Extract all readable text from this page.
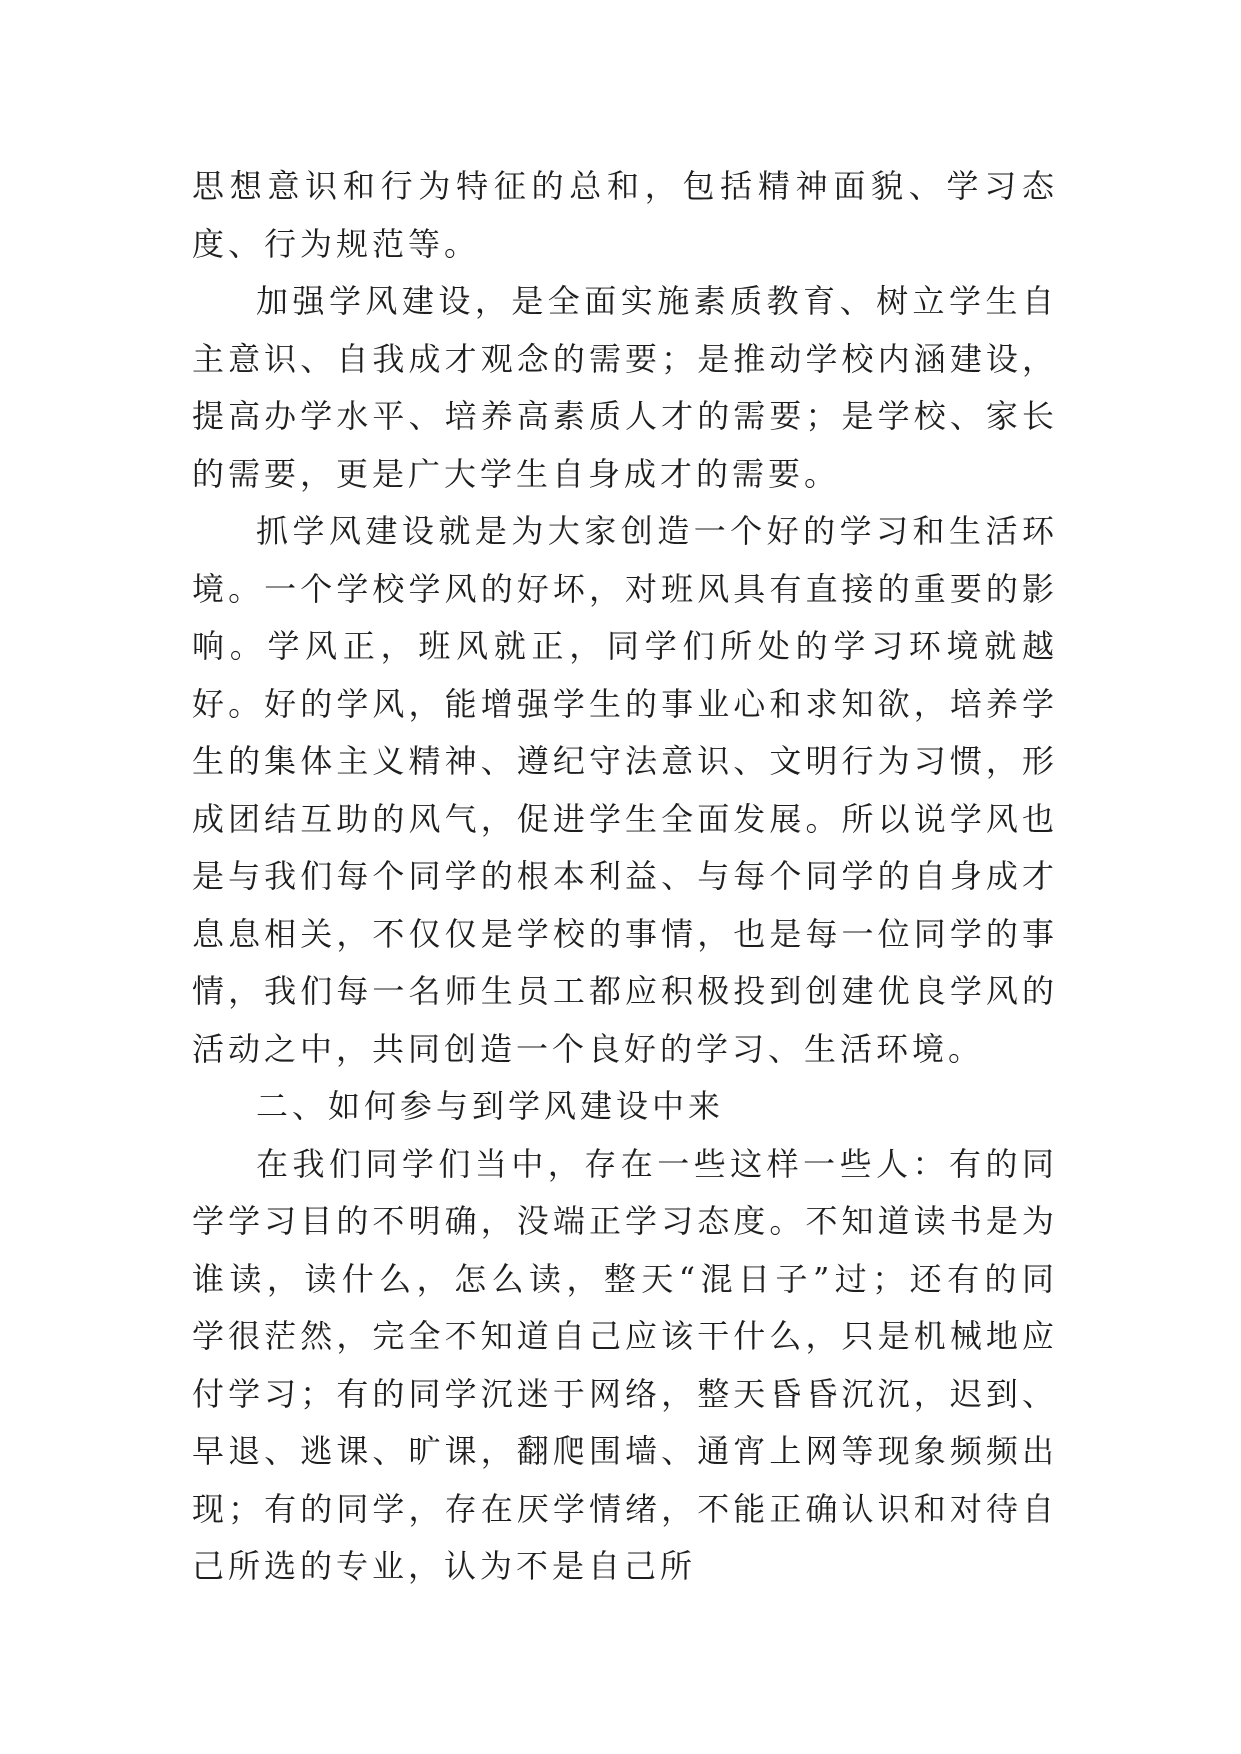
思想意识和行为特征的总和，包括精神面貌、学习态度、行为规范等。

加强学风建设，是全面实施素质教育、树立学生自主意识、自我成才观念的需要；是推动学校内涵建设，提高办学水平、培养高素质人才的需要；是学校、家长的需要，更是广大学生自身成才的需要。

抓学风建设就是为大家创造一个好的学习和生活环境。一个学校学风的好坏，对班风具有直接的重要的影响。学风正，班风就正，同学们所处的学习环境就越好。好的学风，能增强学生的事业心和求知欲，培养学生的集体主义精神、遵纪守法意识、文明行为习惯，形成团结互助的风气，促进学生全面发展。所以说学风也是与我们每个同学的根本利益、与每个同学的自身成才息息相关，不仅仅是学校的事情，也是每一位同学的事情，我们每一名师生员工都应积极投到创建优良学风的活动之中，共同创造一个良好的学习、生活环境。

二、如何参与到学风建设中来

在我们同学们当中，存在一些这样一些人：有的同学学习目的不明确，没端正学习态度。不知道读书是为谁读，读什么，怎么读，整天“混日子”过；还有的同学很茫然，完全不知道自己应该干什么，只是机械地应付学习；有的同学沉迷于网络，整天昏昏沉沉，迟到、早退、逃课、旷课，翻爬围墙、通宵上网等现象频频出现；有的同学，存在厌学情绪，不能正确认识和对待自己所选的专业，认为不是自己所
